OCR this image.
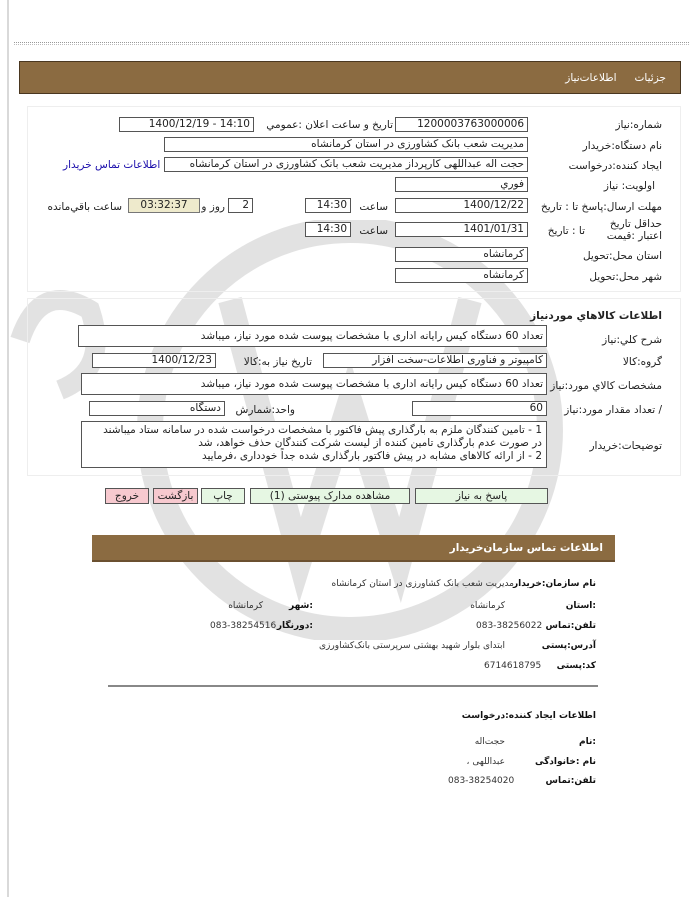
جزئيات
اطلاعات‌نياز
شماره:نیاز
1200003763000006
تاریخ و ساعت اعلان :عمومي
1400/12/19 - 14:10
نام دستگاه:خریدار
مدیریت شعب بانک کشاورزی در استان کرمانشاه
ایجاد کننده:درخواست
حجت اله عبداللهی کارپرداز مدیریت شعب بانک کشاورزی در استان کرمانشاه
اطلاعات تماس خریدار
اولویت: نیاز
فوري
مهلت ارسال:پاسخ تا : تاریخ
1400/12/22
ساعت
14:30
2
روز و
03:32:37
ساعت باقي‌مانده
حداقل تاریخ اعتبار :قیمت
تا : تاریخ
1401/01/31
ساعت
14:30
استان محل:تحویل
کرمانشاه
شهر محل:تحویل
کرمانشاه
اطلاعات کالاهاي موردنیاز
شرح کلي:نیاز
تعداد 60 دستگاه کیس رایانه اداری با مشخصات پیوست شده مورد نیاز، میباشد
گروه:کالا
کامپیوتر و فناوری اطلاعات-سخت افزار
تاریخ نیاز به:کالا
1400/12/23
مشخصات کالاي مورد:نیاز
تعداد 60 دستگاه کیس رایانه اداری با مشخصات پیوست شده مورد نیاز، میباشد
/ تعداد مقدار مورد:نیاز
60
واحد:شمارش
دستگاه
توضیحات:خریدار
1 - تامین کنندگان ملزم به بارگذاری پیش فاکتور با مشخصات درخواست شده در سامانه ستاد میباشند
در صورت عدم بارگذاری تامین کننده از لیست شرکت کنندگان حذف خواهد، شد
2 - از ارائه کالاهای مشابه در پیش فاکتور بارگذاری شده جداً خودداری ،فرمایید
پاسخ به نیاز
مشاهده مدارک پیوستی (1)
چاپ
بازگشت
خروج
اطلاعات تماس سازمان‌خریدار
نام سازمان:خریدار
مدیریت شعب بانک کشاورزی در استان کرمانشاه
:استان
کرمانشاه
:شهر
کرمانشاه
تلفن:تماس
083-38256022
:دورنگار
083-38254516
آدرس:پستی
ابتدای بلوار شهید بهشتی سرپرستی بانک‌کشاورزی
کد:پستی
6714618795
اطلاعات ایجاد کننده:درخواست
:نام
حجت‌اله
نام :خانوادگی
عبداللهی ،
تلفن:تماس
083-38254020
